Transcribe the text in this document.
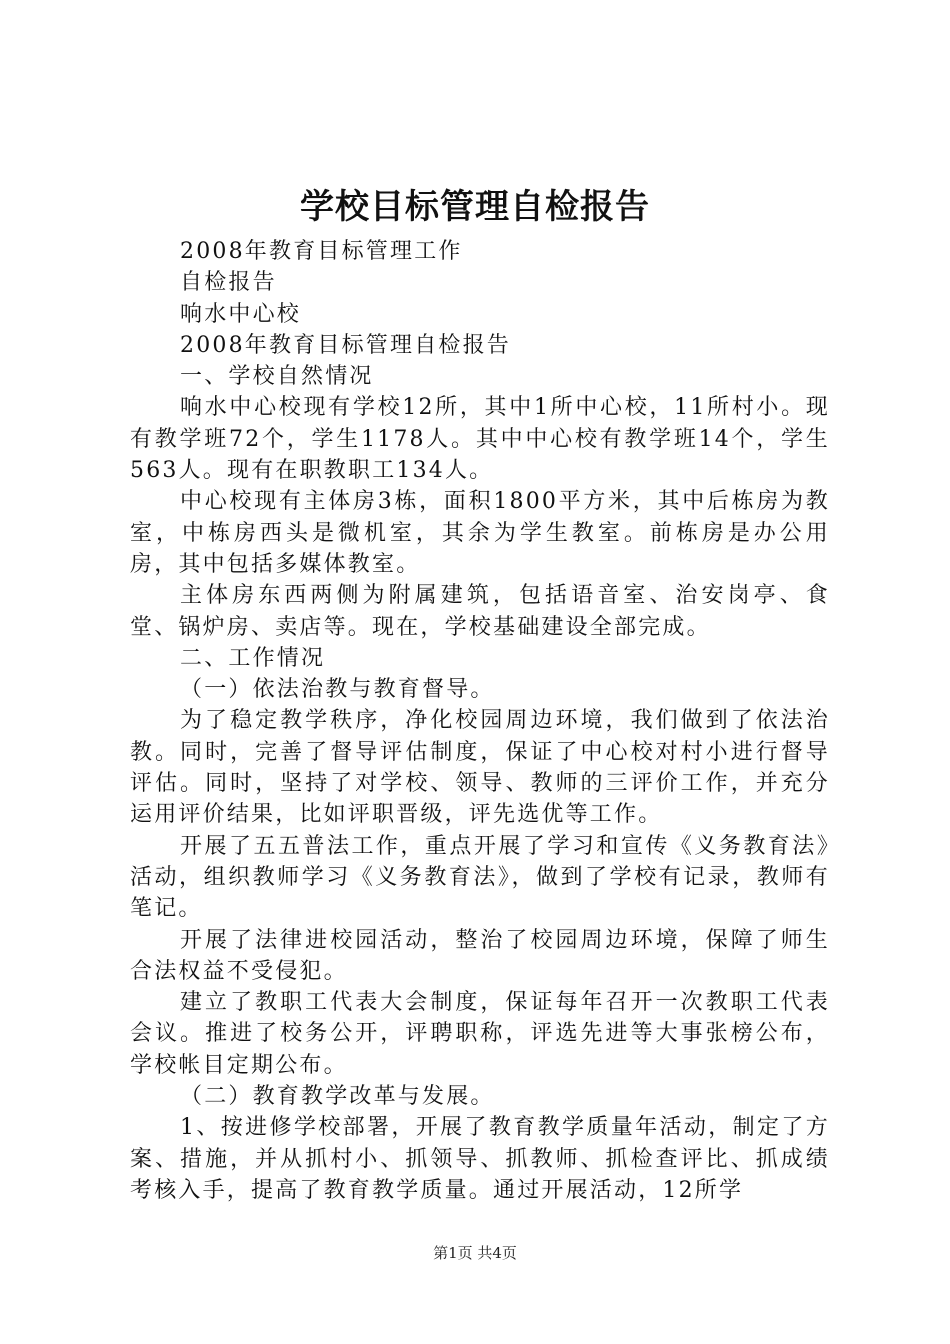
学校目标管理自检报告

2008年教育目标管理工作

自检报告

响水中心校

2008年教育目标管理自检报告

一、学校自然情况

响水中心校现有学校12所，其中1所中心校，11所村小。现有教学班72个，学生1178人。其中中心校有教学班14个，学生563人。现有在职教职工134人。

中心校现有主体房3栋，面积1800平方米，其中后栋房为教室，中栋房西头是微机室，其余为学生教室。前栋房是办公用房，其中包括多媒体教室。

主体房东西两侧为附属建筑，包括语音室、治安岗亭、食堂、锅炉房、卖店等。现在，学校基础建设全部完成。

二、工作情况

（一）依法治教与教育督导。

为了稳定教学秩序，净化校园周边环境，我们做到了依法治教。同时，完善了督导评估制度，保证了中心校对村小进行督导评估。同时，坚持了对学校、领导、教师的三评价工作，并充分运用评价结果，比如评职晋级，评先选优等工作。

开展了五五普法工作，重点开展了学习和宣传《义务教育法》活动，组织教师学习《义务教育法》，做到了学校有记录，教师有笔记。

开展了法律进校园活动，整治了校园周边环境，保障了师生合法权益不受侵犯。

建立了教职工代表大会制度，保证每年召开一次教职工代表会议。推进了校务公开，评聘职称，评选先进等大事张榜公布，学校帐目定期公布。

（二）教育教学改革与发展。

1、按进修学校部署，开展了教育教学质量年活动，制定了方案、措施，并从抓村小、抓领导、抓教师、抓检查评比、抓成绩考核入手，提高了教育教学质量。通过开展活动，12所学

第1页 共4页
